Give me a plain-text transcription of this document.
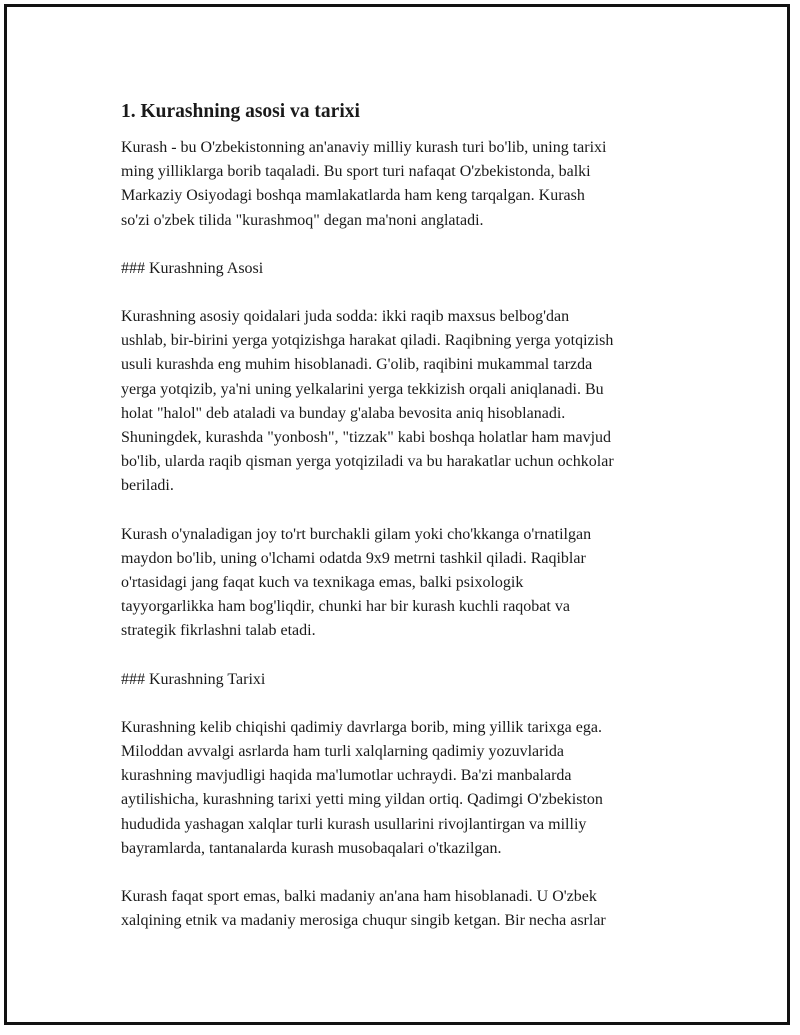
1. Kurashning asosi va tarixi

Kurash - bu O'zbekistonning an'anaviy milliy kurash turi bo'lib, uning tarixi
ming yilliklarga borib taqaladi. Bu sport turi nafaqat O'zbekistonda, balki
Markaziy Osiyodagi boshqa mamlakatlarda ham keng tarqalgan. Kurash
so'zi o'zbek tilida "kurashmoq" degan ma'noni anglatadi.

### Kurashning Asosi

Kurashning asosiy qoidalari juda sodda: ikki raqib maxsus belbog'dan
ushlab, bir-birini yerga yotqizishga harakat qiladi. Raqibning yerga yotqizish
usuli kurashda eng muhim hisoblanadi. G'olib, raqibini mukammal tarzda
yerga yotqizib, ya'ni uning yelkalarini yerga tekkizish orqali aniqlanadi. Bu
holat "halol" deb ataladi va bunday g'alaba bevosita aniq hisoblanadi.
Shuningdek, kurashda "yonbosh", "tizzak" kabi boshqa holatlar ham mavjud
bo'lib, ularda raqib qisman yerga yotqiziladi va bu harakatlar uchun ochkolar
beriladi.

Kurash o'ynaladigan joy to'rt burchakli gilam yoki cho'kkanga o'rnatilgan
maydon bo'lib, uning o'lchami odatda 9x9 metrni tashkil qiladi. Raqiblar
o'rtasidagi jang faqat kuch va texnikaga emas, balki psixologik
tayyorgarlikka ham bog'liqdir, chunki har bir kurash kuchli raqobat va
strategik fikrlashni talab etadi.

### Kurashning Tarixi

Kurashning kelib chiqishi qadimiy davrlarga borib, ming yillik tarixga ega.
Miloddan avvalgi asrlarda ham turli xalqlarning qadimiy yozuvlarida
kurashning mavjudligi haqida ma'lumotlar uchraydi. Ba'zi manbalarda
aytilishicha, kurashning tarixi yetti ming yildan ortiq. Qadimgi O'zbekiston
hududida yashagan xalqlar turli kurash usullarini rivojlantirgan va milliy
bayramlarda, tantanalarda kurash musobaqalari o'tkazilgan.

Kurash faqat sport emas, balki madaniy an'ana ham hisoblanadi. U O'zbek
xalqining etnik va madaniy merosiga chuqur singib ketgan. Bir necha asrlar
